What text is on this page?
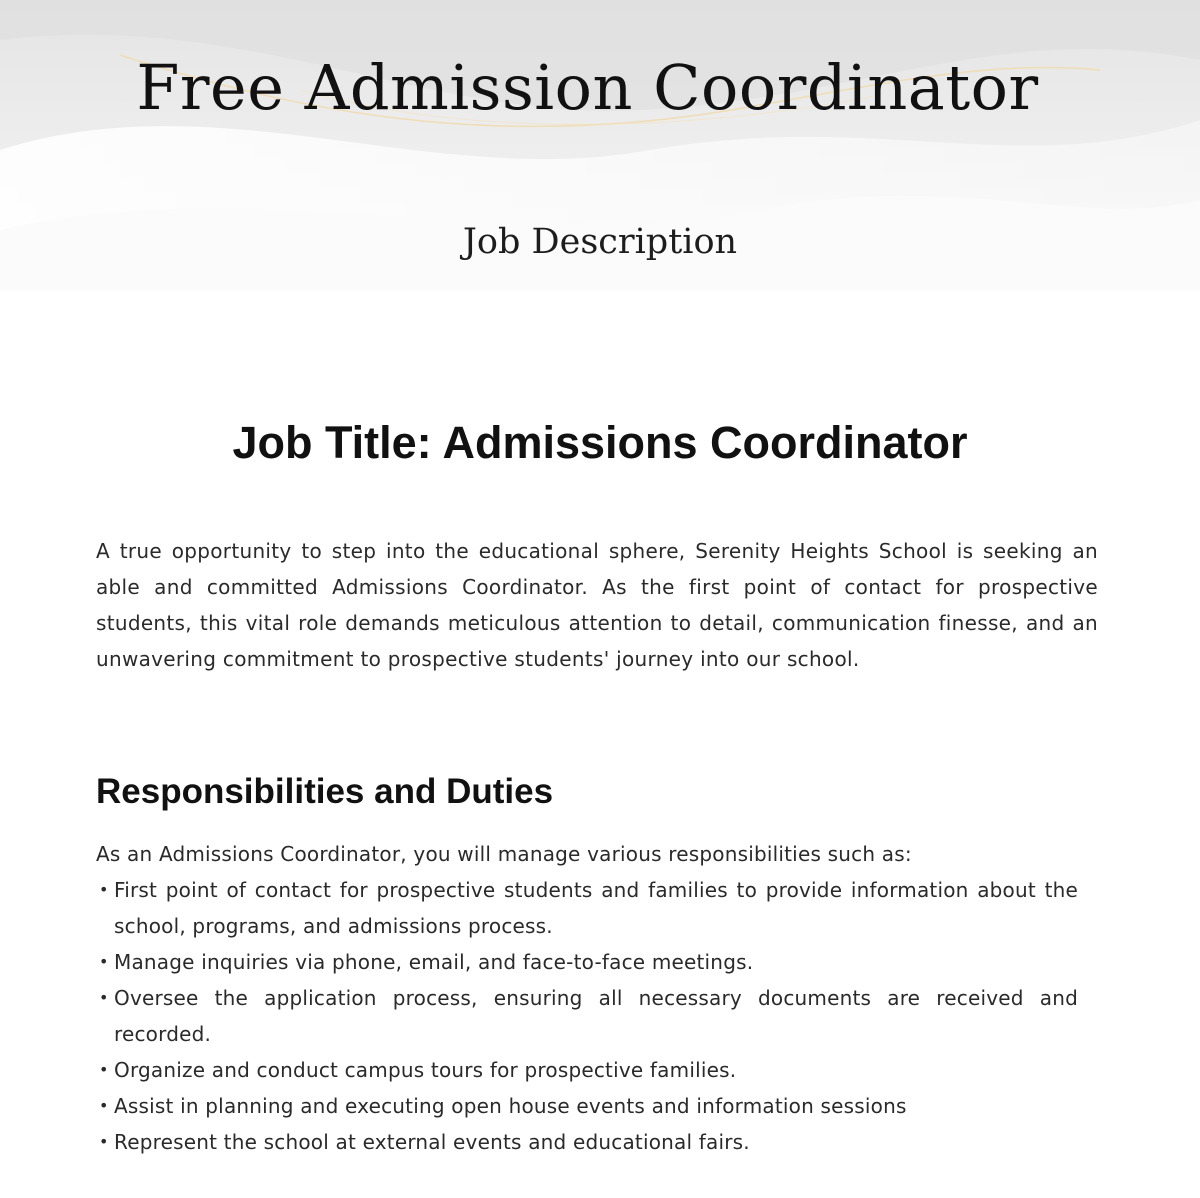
Free Admission Coordinator
Job Description
Job Title: Admissions Coordinator

A true opportunity to step into the educational sphere, Serenity Heights School is seeking an able and committed Admissions Coordinator. As the first point of contact for prospective students, this vital role demands meticulous attention to detail, communication finesse, and an unwavering commitment to prospective students' journey into our school.

Responsibilities and Duties

As an Admissions Coordinator, you will manage various responsibilities such as:

• First point of contact for prospective students and families to provide information about the school, programs, and admissions process.
• Manage inquiries via phone, email, and face-to-face meetings.
• Oversee the application process, ensuring all necessary documents are received and recorded.
• Organize and conduct campus tours for prospective families.
• Assist in planning and executing open house events and information sessions
• Represent the school at external events and educational fairs.
